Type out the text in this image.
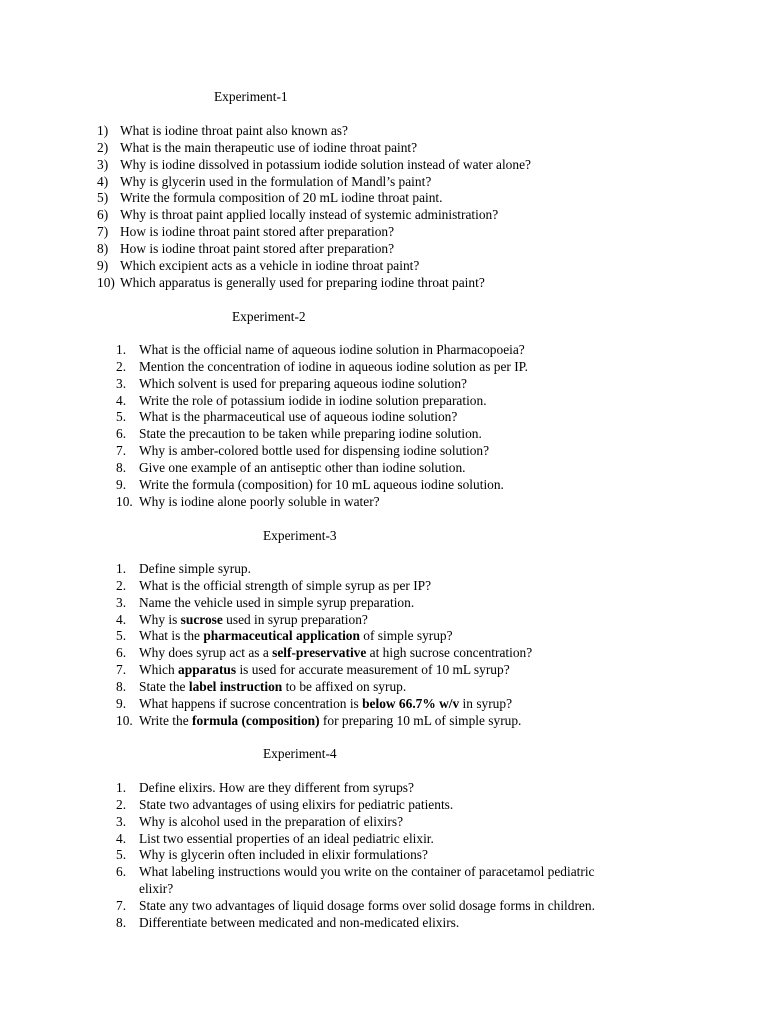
Experiment-1
1) What is iodine throat paint also known as?
2) What is the main therapeutic use of iodine throat paint?
3) Why is iodine dissolved in potassium iodide solution instead of water alone?
4) Why is glycerin used in the formulation of Mandl’s paint?
5) Write the formula composition of 20 mL iodine throat paint.
6) Why is throat paint applied locally instead of systemic administration?
7) How is iodine throat paint stored after preparation?
8) How is iodine throat paint stored after preparation?
9) Which excipient acts as a vehicle in iodine throat paint?
10) Which apparatus is generally used for preparing iodine throat paint?
Experiment-2
1. What is the official name of aqueous iodine solution in Pharmacopoeia?
2. Mention the concentration of iodine in aqueous iodine solution as per IP.
3. Which solvent is used for preparing aqueous iodine solution?
4. Write the role of potassium iodide in iodine solution preparation.
5. What is the pharmaceutical use of aqueous iodine solution?
6. State the precaution to be taken while preparing iodine solution.
7. Why is amber-colored bottle used for dispensing iodine solution?
8. Give one example of an antiseptic other than iodine solution.
9. Write the formula (composition) for 10 mL aqueous iodine solution.
10. Why is iodine alone poorly soluble in water?
Experiment-3
1. Define simple syrup.
2. What is the official strength of simple syrup as per IP?
3. Name the vehicle used in simple syrup preparation.
4. Why is sucrose used in syrup preparation?
5. What is the pharmaceutical application of simple syrup?
6. Why does syrup act as a self-preservative at high sucrose concentration?
7. Which apparatus is used for accurate measurement of 10 mL syrup?
8. State the label instruction to be affixed on syrup.
9. What happens if sucrose concentration is below 66.7% w/v in syrup?
10. Write the formula (composition) for preparing 10 mL of simple syrup.
Experiment-4
1. Define elixirs. How are they different from syrups?
2. State two advantages of using elixirs for pediatric patients.
3. Why is alcohol used in the preparation of elixirs?
4. List two essential properties of an ideal pediatric elixir.
5. Why is glycerin often included in elixir formulations?
6. What labeling instructions would you write on the container of paracetamol pediatric
elixir?
7. State any two advantages of liquid dosage forms over solid dosage forms in children.
8. Differentiate between medicated and non-medicated elixirs.
